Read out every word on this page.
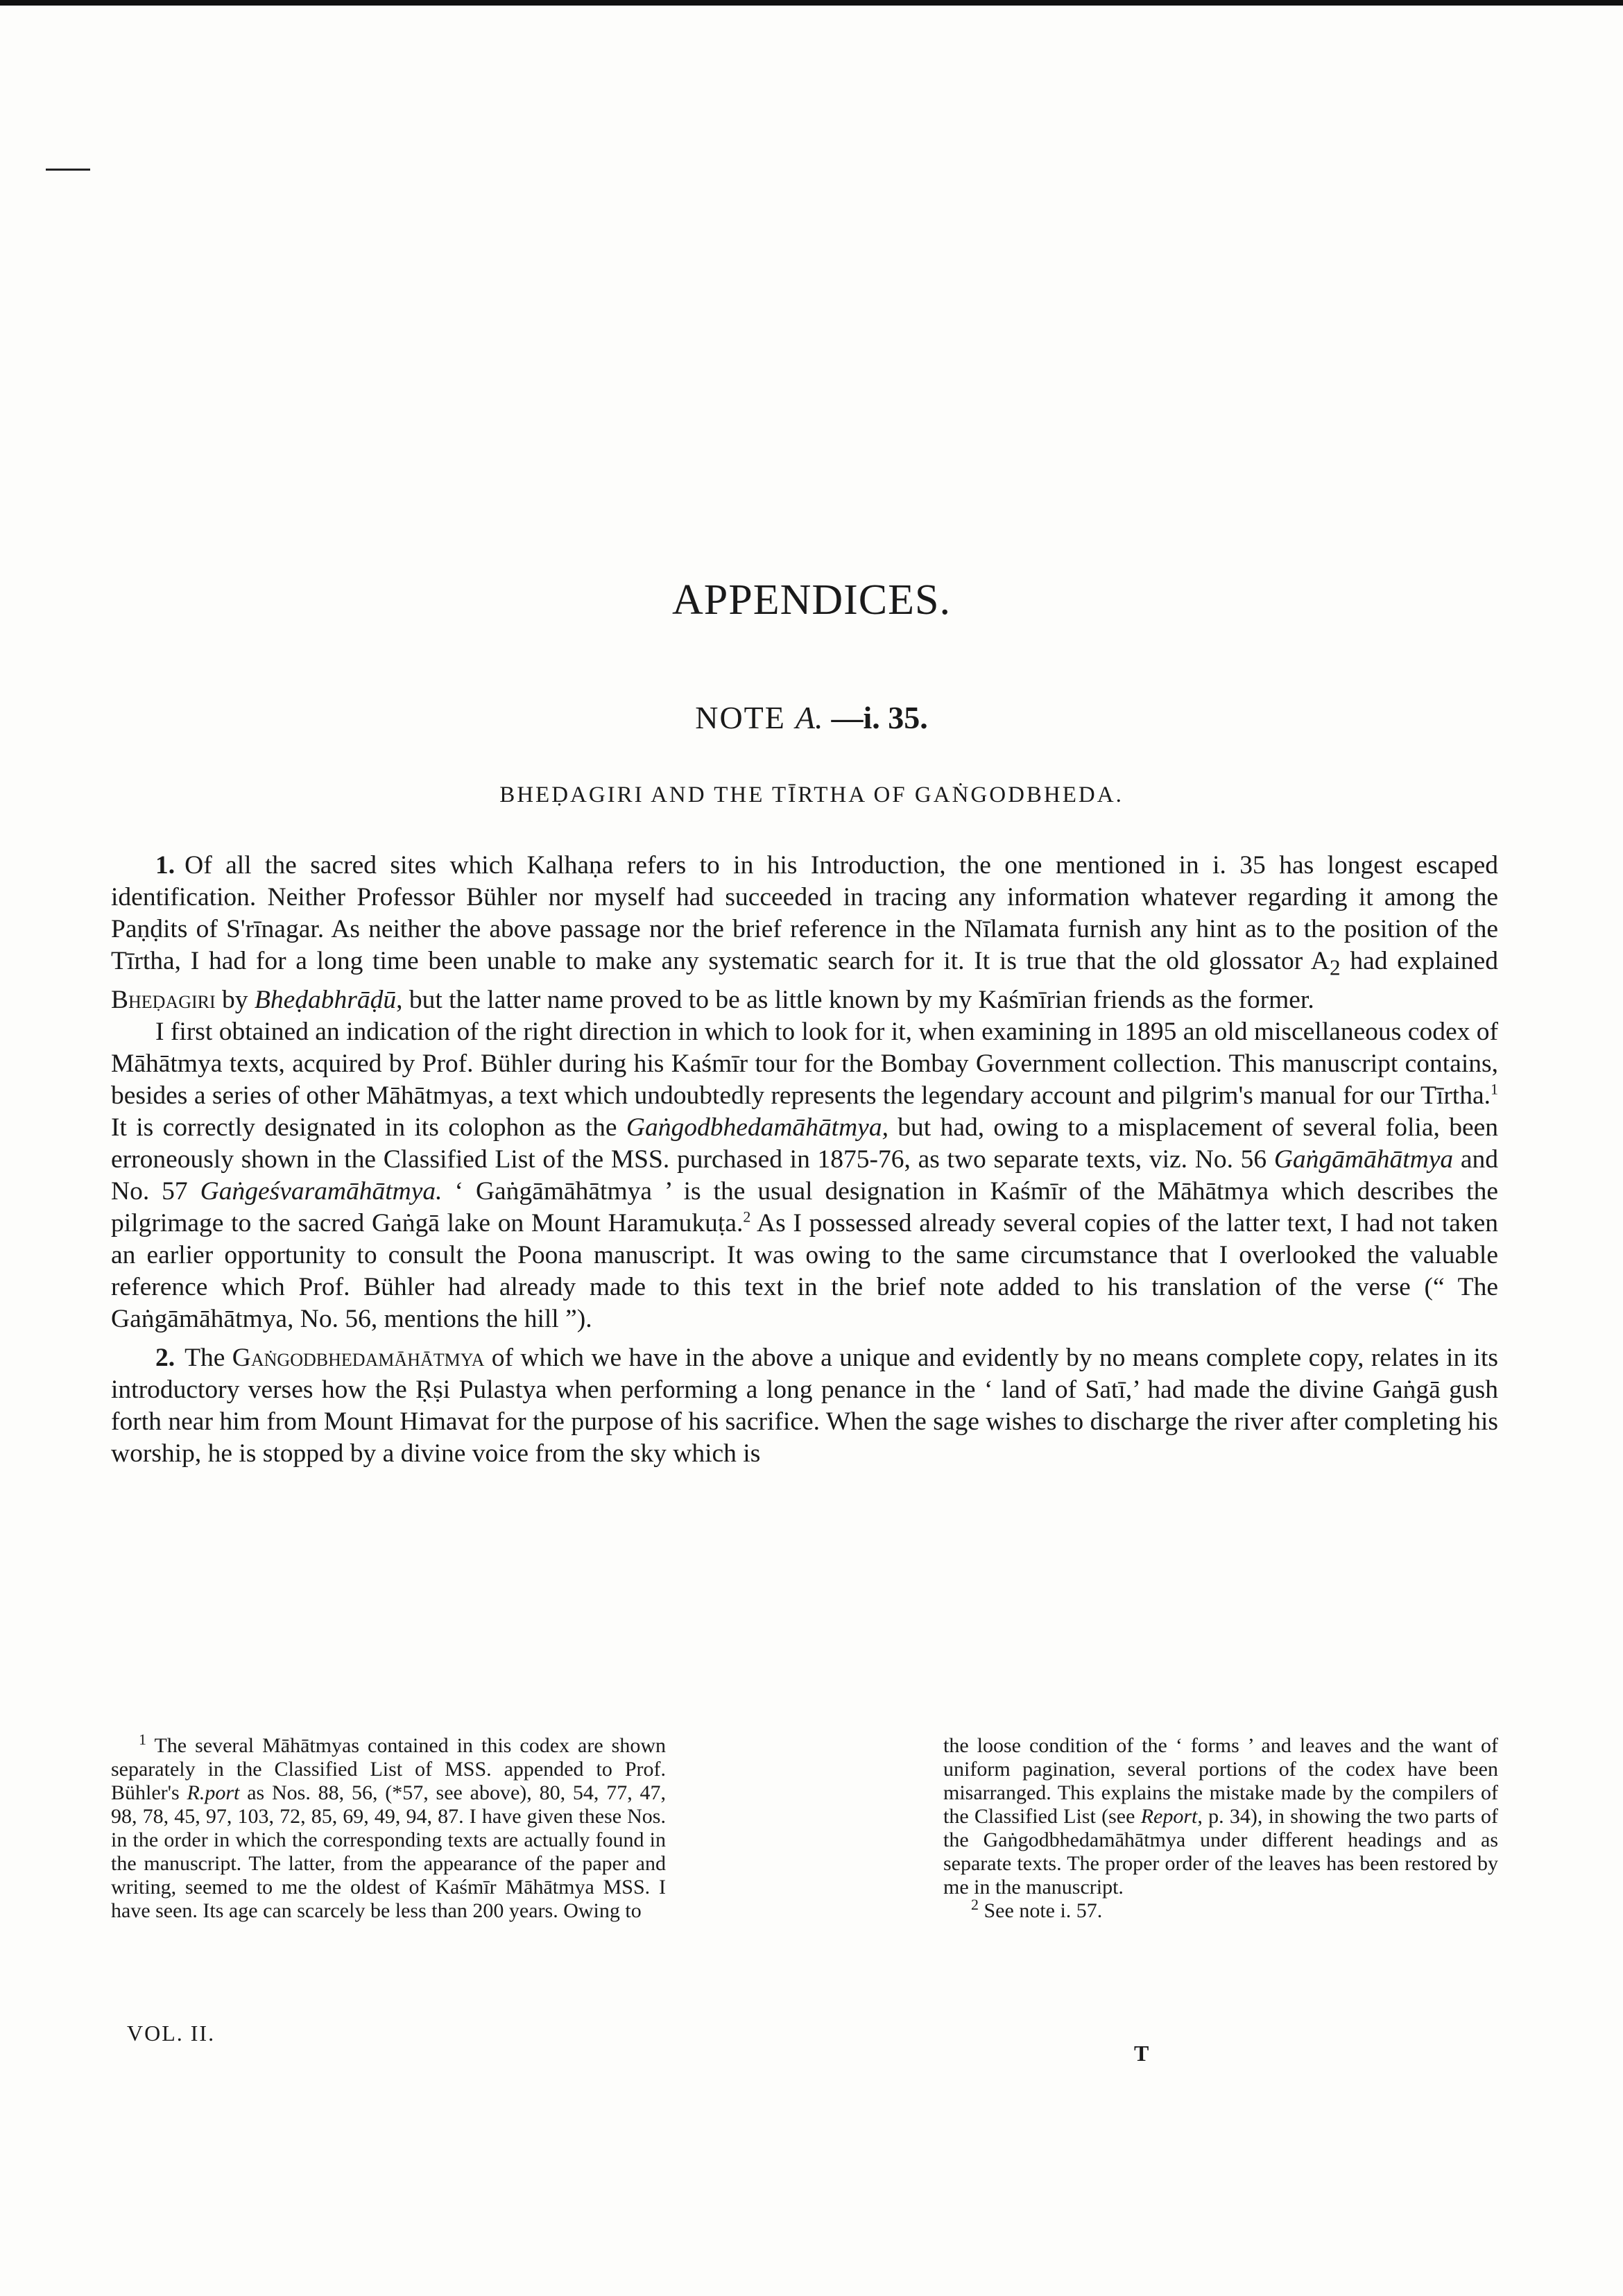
APPENDICES.
NOTE A. —i. 35.
BHEḌAGIRI AND THE TĪRTHA OF GAṄGODBHEDA.

1. Of all the sacred sites which Kalhaṇa refers to in his Introduction, the one mentioned in i. 35 has longest escaped identification. Neither Professor Bühler nor myself had succeeded in tracing any information whatever regarding it among the Paṇḍits of S'rīnagar. As neither the above passage nor the brief reference in the Nīlamata furnish any hint as to the position of the Tīrtha, I had for a long time been unable to make any systematic search for it. It is true that the old glossator $A_2$ had explained Bheḍagiri by Bheḍabhrāḍū, but the latter name proved to be as little known by my Kaśmīrian friends as the former.

I first obtained an indication of the right direction in which to look for it, when examining in 1895 an old miscellaneous codex of Māhātmya texts, acquired by Prof. Bühler during his Kaśmīr tour for the Bombay Government collection. This manuscript contains, besides a series of other Māhātmyas, a text which undoubtedly represents the legendary account and pilgrim's manual for our Tīrtha.$^1$ It is correctly designated in its colophon as the Gaṅgodbhedamāhātmya, but had, owing to a misplacement of several folia, been erroneously shown in the Classified List of the MSS. purchased in 1875-76, as two separate texts, viz. No. 56 Gaṅgāmāhātmya and No. 57 Gaṅgeśvaramāhātmya. ‘ Gaṅgāmāhātmya ’ is the usual designation in Kaśmīr of the Māhātmya which describes the pilgrimage to the sacred Gaṅgā lake on Mount Haramukuṭa.$^2$ As I possessed already several copies of the latter text, I had not taken an earlier opportunity to consult the Poona manuscript. It was owing to the same circumstance that I overlooked the valuable reference which Prof. Bühler had already made to this text in the brief note added to his translation of the verse (“ The Gaṅgāmāhātmya, No. 56, mentions the hill ”).

2. The Gaṅgodbhedamāhātmya of which we have in the above a unique and evidently by no means complete copy, relates in its introductory verses how the Ṛṣi Pulastya when performing a long penance in the ‘ land of Satī,’ had made the divine Gaṅgā gush forth near him from Mount Himavat for the purpose of his sacrifice. When the sage wishes to discharge the river after completing his worship, he is stopped by a divine voice from the sky which is

$^1$ The several Māhātmyas contained in this codex are shown separately in the Classified List of MSS. appended to Prof. Bühler's R.port as Nos. 88, 56, (*57, see above), 80, 54, 77, 47, 98, 78, 45, 97, 103, 72, 85, 69, 49, 94, 87. I have given these Nos. in the order in which the corresponding texts are actually found in the manuscript. The latter, from the appearance of the paper and writing, seemed to me the oldest of Kaśmīr Māhātmya MSS. I have seen. Its age can scarcely be less than 200 years. Owing to

the loose condition of the ‘ forms ’ and leaves and the want of uniform pagination, several portions of the codex have been misarranged. This explains the mistake made by the compilers of the Classified List (see Report, p. 34), in showing the two parts of the Gaṅgodbhedamāhātmya under different headings and as separate texts. The proper order of the leaves has been restored by me in the manuscript.

$^2$ See note i. 57.

VOL. II.

T
